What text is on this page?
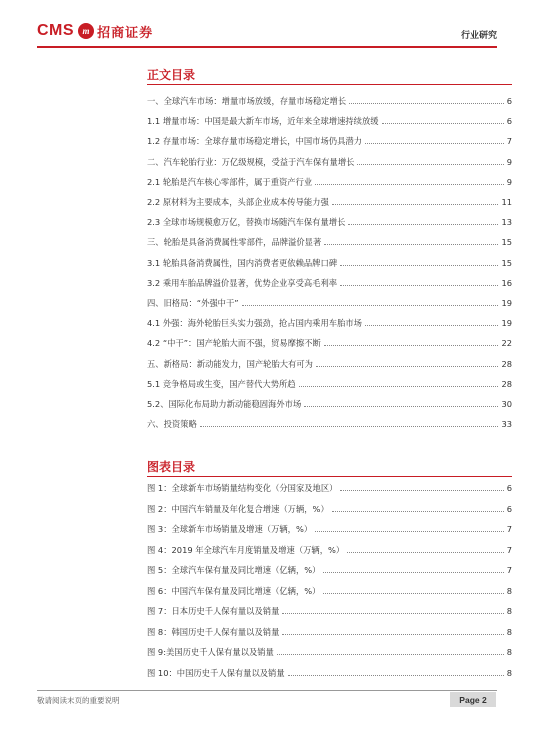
CMS m 招商证券	行业研究
正文目录
一、全球汽车市场：增量市场放缓，存量市场稳定增长	6
1.1 增量市场：中国是最大新车市场，近年来全球增速持续放缓	6
1.2 存量市场：全球存量市场稳定增长，中国市场仍具潜力	7
二、汽车轮胎行业：万亿级规模，受益于汽车保有量增长	9
2.1 轮胎是汽车核心零部件，属于重资产行业	9
2.2 原材料为主要成本，头部企业成本传导能力强	11
2.3 全球市场规模愈万亿，替换市场随汽车保有量增长	13
三、轮胎是具备消费属性零部件，品牌溢价显著	15
3.1 轮胎具备消费属性，国内消费者更依赖品牌口碑	15
3.2 乘用车胎品牌溢价显著，优势企业享受高毛利率	16
四、旧格局：“外强中干”	19
4.1 外强：海外轮胎巨头实力强劲，抢占国内乘用车胎市场	19
4.2 “中干”：国产轮胎大而不强，贸易摩擦不断	22
五、新格局：新动能发力，国产轮胎大有可为	28
5.1 竞争格局或生变，国产替代大势所趋	28
5.2、国际化布局助力新动能稳固海外市场	30
六、投资策略	33
图表目录
图 1：全球新车市场销量结构变化（分国家及地区）	6
图 2：中国汽车销量及年化复合增速（万辆，%）	6
图 3：全球新车市场销量及增速（万辆，%）	7
图 4：2019 年全球汽车月度销量及增速（万辆，%）	7
图 5：全球汽车保有量及同比增速（亿辆，%）	7
图 6：中国汽车保有量及同比增速（亿辆，%）	8
图 7：日本历史千人保有量以及销量	8
图 8：韩国历史千人保有量以及销量	8
图 9:美国历史千人保有量以及销量	8
图 10：中国历史千人保有量以及销量	8
敬请阅读末页的重要说明	Page 2
